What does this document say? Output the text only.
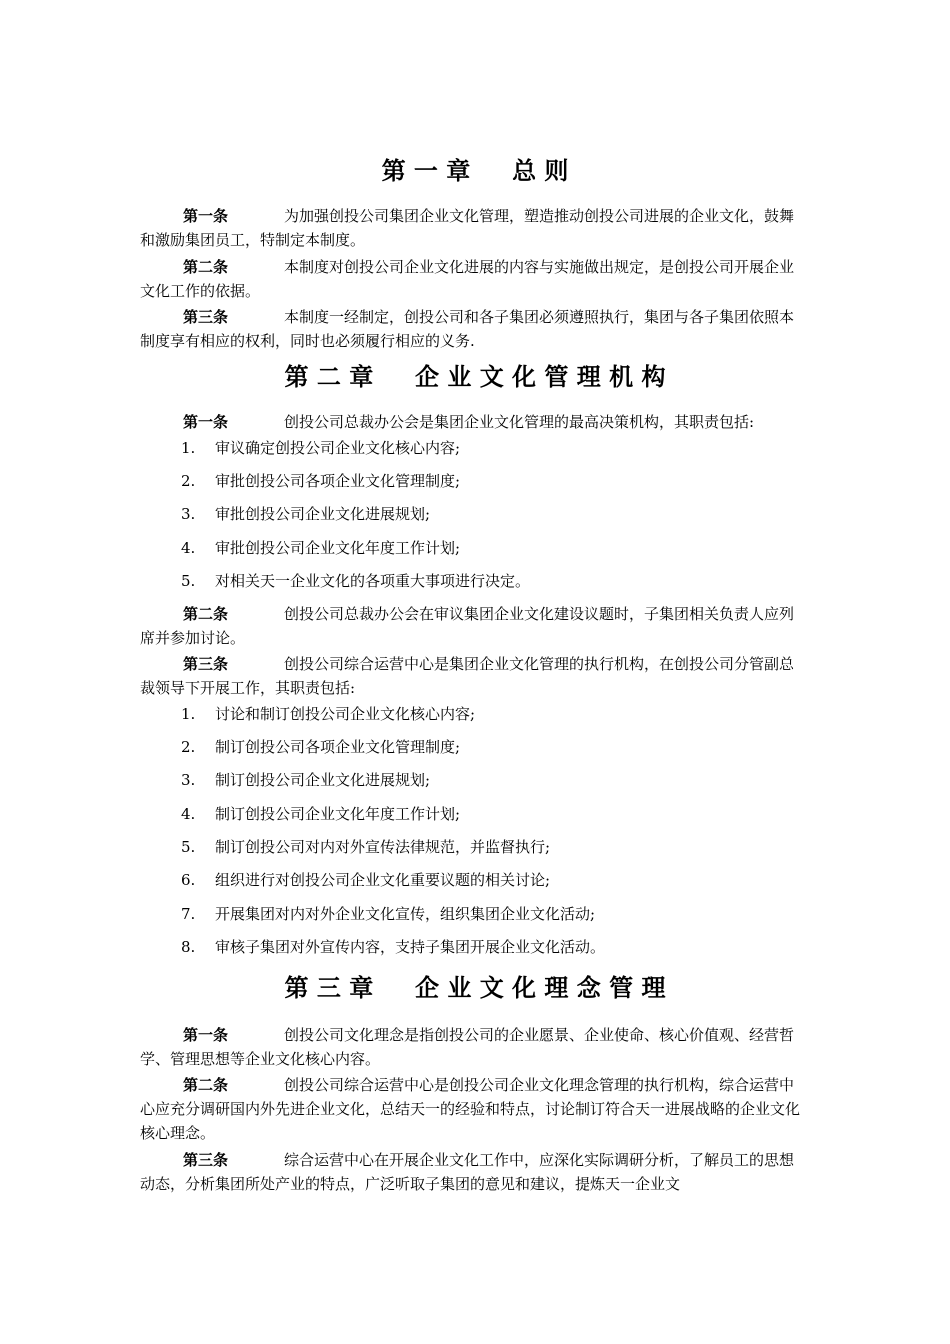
第 一 章     总 则
第一条	为加强创投公司集团企业文化管理，塑造推动创投公司进展的企业文化，鼓舞和激励集团员工，特制定本制度。
第二条	本制度对创投公司企业文化进展的内容与实施做出规定，是创投公司开展企业文化工作的依据。
第三条	本制度一经制定，创投公司和各子集团必须遵照执行，集团与各子集团依照本制度享有相应的权利，同时也必须履行相应的义务.
第 二 章     企 业 文 化 管 理 机 构
第一条	创投公司总裁办公会是集团企业文化管理的最高决策机构，其职责包括:
1. 审议确定创投公司企业文化核心内容;
2. 审批创投公司各项企业文化管理制度;
3. 审批创投公司企业文化进展规划;
4. 审批创投公司企业文化年度工作计划;
5. 对相关天一企业文化的各项重大事项进行决定。
第二条	创投公司总裁办公会在审议集团企业文化建设议题时，子集团相关负责人应列席并参加讨论。
第三条	创投公司综合运营中心是集团企业文化管理的执行机构，在创投公司分管副总裁领导下开展工作，其职责包括:
1. 讨论和制订创投公司企业文化核心内容;
2. 制订创投公司各项企业文化管理制度;
3. 制订创投公司企业文化进展规划;
4. 制订创投公司企业文化年度工作计划;
5. 制订创投公司对内对外宣传法律规范，并监督执行;
6. 组织进行对创投公司企业文化重要议题的相关讨论;
7. 开展集团对内对外企业文化宣传，组织集团企业文化活动;
8. 审核子集团对外宣传内容，支持子集团开展企业文化活动。
第 三 章     企 业 文 化 理 念 管 理
第一条	创投公司文化理念是指创投公司的企业愿景、企业使命、核心价值观、经营哲学、管理思想等企业文化核心内容。
第二条	创投公司综合运营中心是创投公司企业文化理念管理的执行机构，综合运营中心应充分调研国内外先进企业文化，总结天一的经验和特点，讨论制订符合天一进展战略的企业文化核心理念。
第三条	综合运营中心在开展企业文化工作中，应深化实际调研分析，了解员工的思想动态，分析集团所处产业的特点，广泛听取子集团的意见和建议，提炼天一企业文
